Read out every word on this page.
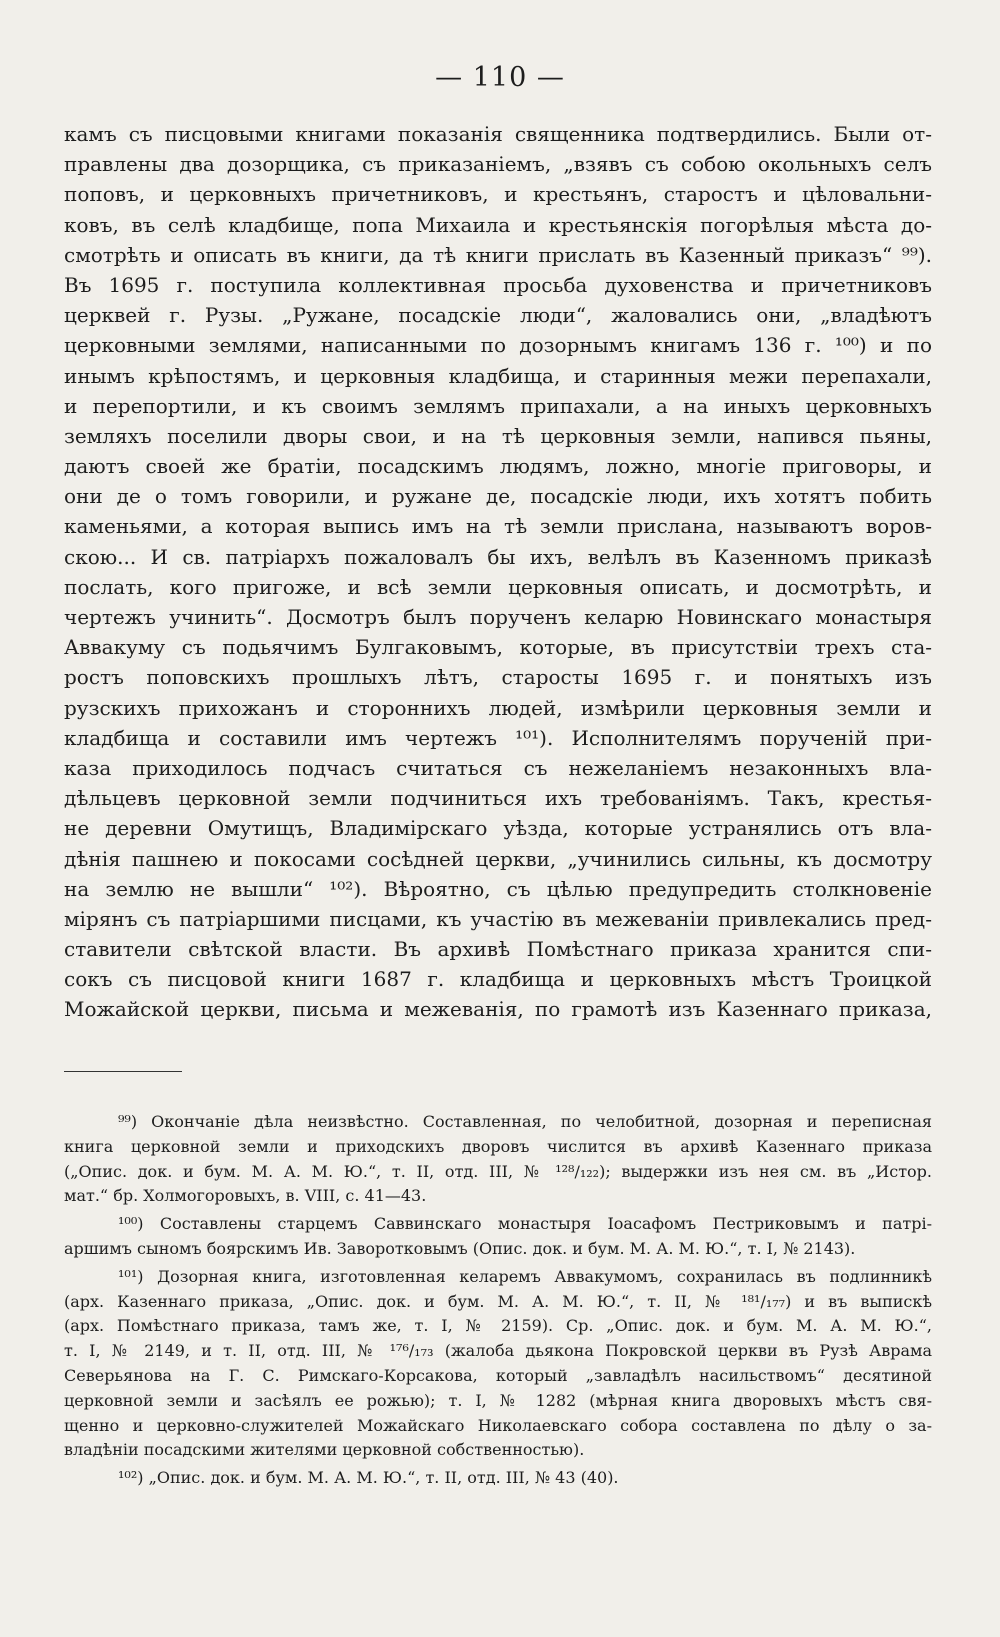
— 110 —
камъ съ писцовыми книгами показанія священника подтвердились. Были от-
правлены два дозорщика, съ приказаніемъ, „взявъ съ собою окольныхъ селъ
поповъ, и церковныхъ причетниковъ, и крестьянъ, старостъ и цѣловальни-
ковъ, въ селѣ кладбище, попа Михаила и крестьянскія погорѣлыя мѣста до-
смотрѣть и описать въ книги, да тѣ книги прислать въ Казенный приказъ“ ⁹⁹).
Въ 1695 г. поступила коллективная просьба духовенства и причетниковъ
церквей г. Рузы. „Ружане, посадскіе люди“, жаловались они, „владѣютъ
церковными землями, написанными по дозорнымъ книгамъ 136 г. ¹⁰⁰) и по
инымъ крѣпостямъ, и церковныя кладбища, и старинныя межи перепахали,
и перепортили, и къ своимъ землямъ припахали, а на иныхъ церковныхъ
земляхъ поселили дворы свои, и на тѣ церковныя земли, напився пьяны,
даютъ своей же братіи, посадскимъ людямъ, ложно, многіе приговоры, и
они де о томъ говорили, и ружане де, посадскіе люди, ихъ хотятъ побить
каменьями, а которая выпись имъ на тѣ земли прислана, называютъ воров-
скою... И св. патріархъ пожаловалъ бы ихъ, велѣлъ въ Казенномъ приказѣ
послать, кого пригоже, и всѣ земли церковныя описать, и досмотрѣть, и
чертежъ учинить“. Досмотръ былъ порученъ келарю Новинскаго монастыря
Аввакуму съ подьячимъ Булгаковымъ, которые, въ присутствіи трехъ ста-
ростъ поповскихъ прошлыхъ лѣтъ, старосты 1695 г. и понятыхъ изъ
рузскихъ прихожанъ и стороннихъ людей, измѣрили церковныя земли и
кладбища и составили имъ чертежъ ¹⁰¹). Исполнителямъ порученій при-
каза приходилось подчасъ считаться съ нежеланіемъ незаконныхъ вла-
дѣльцевъ церковной земли подчиниться ихъ требованіямъ. Такъ, крестья-
не деревни Омутищъ, Владимірскаго уѣзда, которые устранялись отъ вла-
дѣнія пашнею и покосами сосѣдней церкви, „учинились сильны, къ досмотру
на землю не вышли“ ¹⁰²). Вѣроятно, съ цѣлью предупредить столкновеніе
мірянъ съ патріаршими писцами, къ участію въ межеваніи привлекались пред-
ставители свѣтской власти. Въ архивѣ Помѣстнаго приказа хранится спи-
сокъ съ писцовой книги 1687 г. кладбища и церковныхъ мѣстъ Троицкой
Можайской церкви, письма и межеванія, по грамотѣ изъ Казеннаго приказа,
⁹⁹) Окончаніе дѣла неизвѣстно. Составленная, по челобитной, дозорная и переписная
книга церковной земли и приходскихъ дворовъ числится въ архивѣ Казеннаго приказа
(„Опис. док. и бум. М. А. М. Ю.“, т. II, отд. III, № ¹²⁸/₁₂₂); выдержки изъ нея см. въ „Истор.
мат.“ бр. Холмогоровыхъ, в. VIII, с. 41—43.
¹⁰⁰) Составлены старцемъ Саввинскаго монастыря Іоасафомъ Пестриковымъ и патрі-
аршимъ сыномъ боярскимъ Ив. Заворотковымъ (Опис. док. и бум. М. А. М. Ю.“, т. I, № 2143).
¹⁰¹) Дозорная книга, изготовленная келаремъ Аввакумомъ, сохранилась въ подлинникѣ
(арх. Казеннаго приказа, „Опис. док. и бум. М. А. М. Ю.“, т. II, № ¹⁸¹/₁₇₇) и въ выпискѣ
(арх. Помѣстнаго приказа, тамъ же, т. I, № 2159). Ср. „Опис. док. и бум. М. А. М. Ю.“,
т. I, № 2149, и т. II, отд. III, № ¹⁷⁶/₁₇₃ (жалоба дьякона Покровской церкви въ Рузѣ Аврама
Северьянова на Г. С. Римскаго-Корсакова, который „завладѣлъ насильствомъ“ десятиной
церковной земли и засѣялъ ее рожью); т. I, № 1282 (мѣрная книга дворовыхъ мѣстъ свя-
щенно и церковно-служителей Можайскаго Николаевскаго собора составлена по дѣлу о за-
владѣніи посадскими жителями церковной собственностью).
¹⁰²) „Опис. док. и бум. М. А. М. Ю.“, т. II, отд. III, № 43 (40).
